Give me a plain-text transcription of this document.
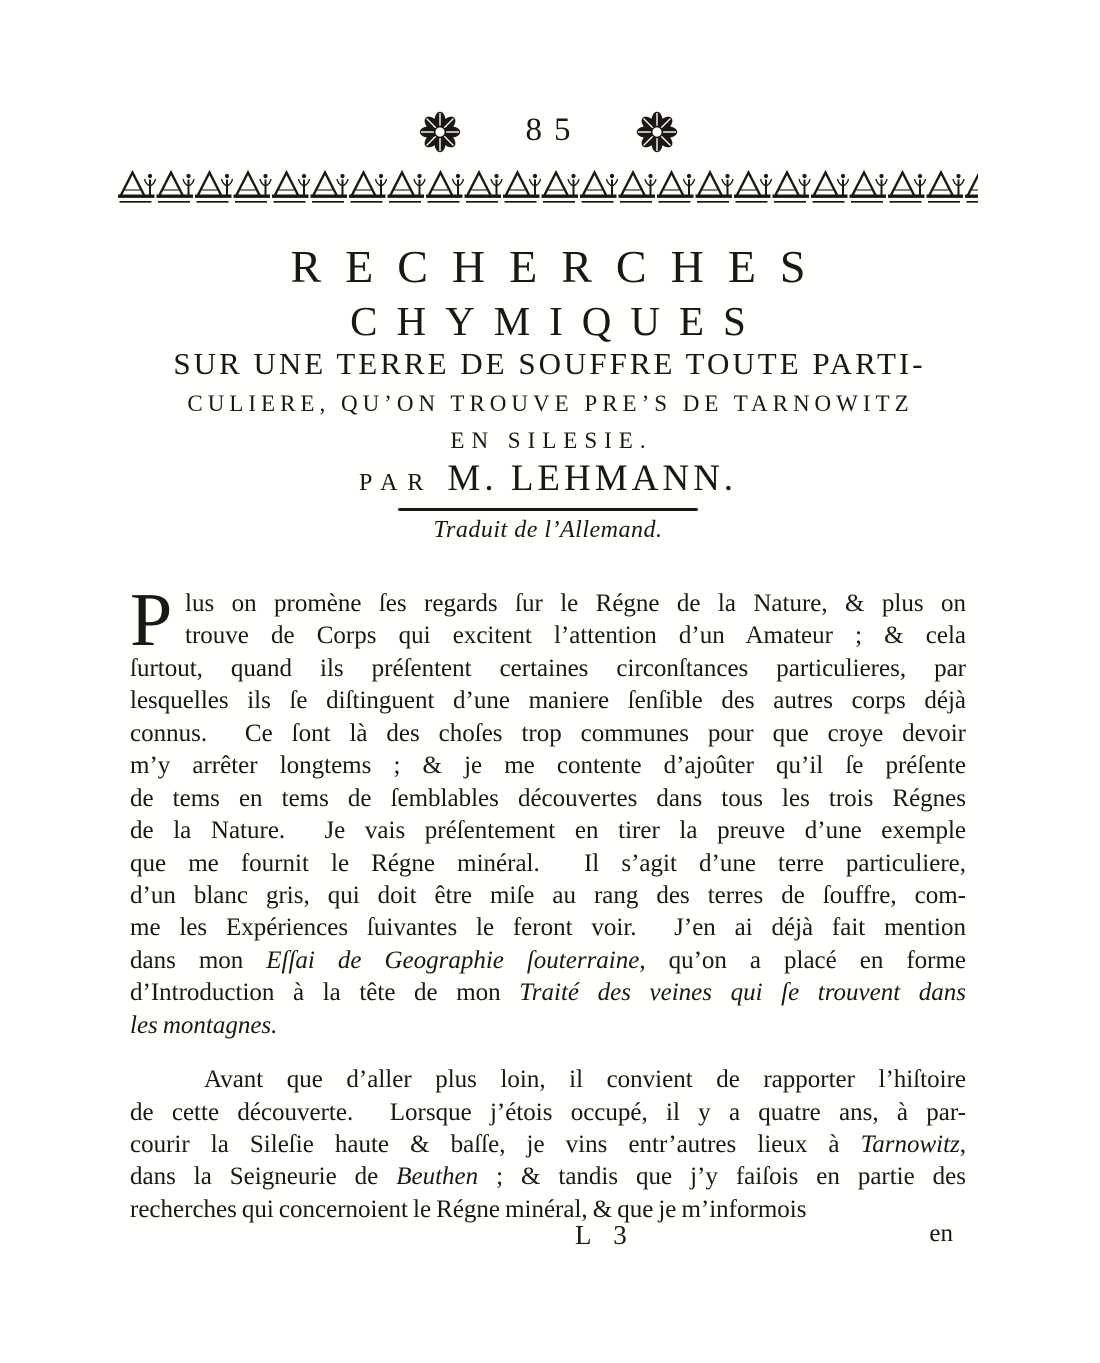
85
RECHERCHES
CHYMIQUES
SUR UNE TERRE DE SOUFFRE TOUTE PARTI-
CULIERE, QU’ON TROUVE PRE’S DE TARNOWITZ
EN SILESIE.
PAR M. LEHMANN.
Traduit de l’Allemand.
P lus on promène ſes regards ſur le Régne de la Nature, & plus on
trouve de Corps qui excitent l’attention d’un Amateur ; & cela
ſurtout, quand ils préſentent certaines circonſtances particulieres, par
lesquelles ils ſe diſtinguent d’une maniere ſenſible des autres corps déjà
connus.  Ce ſont là des choſes trop communes pour que croye devoir
m’y arrêter longtems ; & je me contente d’ajoûter qu’il ſe préſente
de tems en tems de ſemblables découvertes dans tous les trois Régnes
de la Nature.  Je vais préſentement en tirer la preuve d’une exemple
que me fournit le Régne minéral.  Il s’agit d’une terre particuliere,
d’un blanc gris, qui doit être miſe au rang des terres de ſouffre, com-
me les Expériences ſuivantes le feront voir.  J’en ai déjà fait mention
dans mon Eſſai de Geographie ſouterraine, qu’on a placé en forme
d’Introduction à la tête de mon Traité des veines qui ſe trouvent dans
les montagnes.
Avant que d’aller plus loin, il convient de rapporter l’hiſtoire
de cette découverte.  Lorsque j’étois occupé, il y a quatre ans, à par-
courir la Sileſie haute & baſſe, je vins entr’autres lieux à Tarnowitz,
dans la Seigneurie de Beuthen ; & tandis que j’y faiſois en partie des
recherches qui concernoient le Régne minéral, & que je m’informois
L 3	en
